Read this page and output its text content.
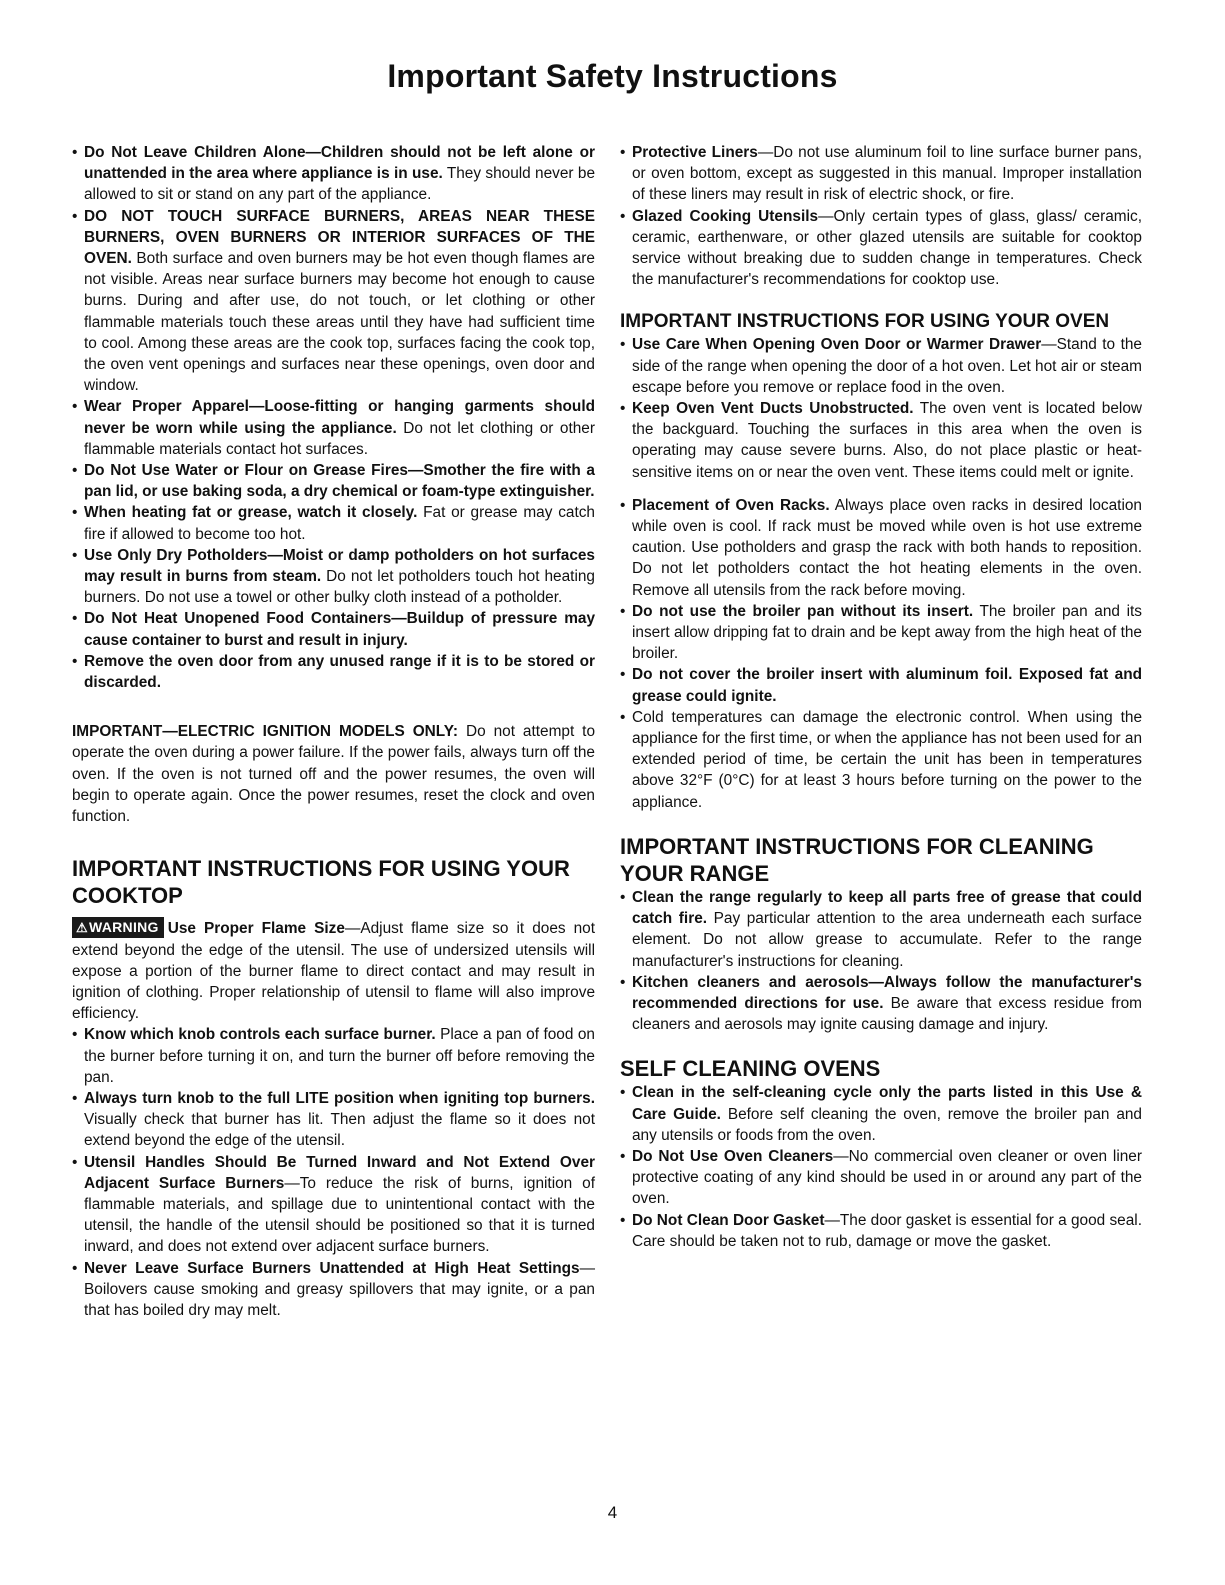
Important Safety Instructions
• Do Not Leave Children Alone—Children should not be left alone or unattended in the area where appliance is in use. They should never be allowed to sit or stand on any part of the appliance.
• DO NOT TOUCH SURFACE BURNERS, AREAS NEAR THESE BURNERS, OVEN BURNERS OR INTERIOR SURFACES OF THE OVEN. Both surface and oven burners may be hot even though flames are not visible. Areas near surface burners may become hot enough to cause burns. During and after use, do not touch, or let clothing or other flammable materials touch these areas until they have had sufficient time to cool. Among these areas are the cook top, surfaces facing the cook top, the oven vent openings and surfaces near these openings, oven door and window.
• Wear Proper Apparel—Loose-fitting or hanging garments should never be worn while using the appliance. Do not let clothing or other flammable materials contact hot surfaces.
• Do Not Use Water or Flour on Grease Fires—Smother the fire with a pan lid, or use baking soda, a dry chemical or foam-type extinguisher.
• When heating fat or grease, watch it closely. Fat or grease may catch fire if allowed to become too hot.
• Use Only Dry Potholders—Moist or damp potholders on hot surfaces may result in burns from steam. Do not let potholders touch hot heating burners. Do not use a towel or other bulky cloth instead of a potholder.
• Do Not Heat Unopened Food Containers—Buildup of pressure may cause container to burst and result in injury.
• Remove the oven door from any unused range if it is to be stored or discarded.

IMPORTANT—ELECTRIC IGNITION MODELS ONLY: Do not attempt to operate the oven during a power failure. If the power fails, always turn off the oven. If the oven is not turned off and the power resumes, the oven will begin to operate again. Once the power resumes, reset the clock and oven function.

IMPORTANT INSTRUCTIONS FOR USING YOUR COOKTOP

⚠WARNING Use Proper Flame Size—Adjust flame size so it does not extend beyond the edge of the utensil. The use of undersized utensils will expose a portion of the burner flame to direct contact and may result in ignition of clothing. Proper relationship of utensil to flame will also improve efficiency.

• Know which knob controls each surface burner. Place a pan of food on the burner before turning it on, and turn the burner off before removing the pan.
• Always turn knob to the full LITE position when igniting top burners. Visually check that burner has lit. Then adjust the flame so it does not extend beyond the edge of the utensil.
• Utensil Handles Should Be Turned Inward and Not Extend Over Adjacent Surface Burners—To reduce the risk of burns, ignition of flammable materials, and spillage due to unintentional contact with the utensil, the handle of the utensil should be positioned so that it is turned inward, and does not extend over adjacent surface burners.
• Never Leave Surface Burners Unattended at High Heat Settings—Boilovers cause smoking and greasy spillovers that may ignite, or a pan that has boiled dry may melt.
• Protective Liners—Do not use aluminum foil to line surface burner pans, or oven bottom, except as suggested in this manual. Improper installation of these liners may result in risk of electric shock, or fire.
• Glazed Cooking Utensils—Only certain types of glass, glass/ ceramic, ceramic, earthenware, or other glazed utensils are suitable for cooktop service without breaking due to sudden change in temperatures. Check the manufacturer's recommendations for cooktop use.
IMPORTANT INSTRUCTIONS FOR USING YOUR OVEN
• Use Care When Opening Oven Door or Warmer Drawer—Stand to the side of the range when opening the door of a hot oven. Let hot air or steam escape before you remove or replace food in the oven.
• Keep Oven Vent Ducts Unobstructed. The oven vent is located below the backguard. Touching the surfaces in this area when the oven is operating may cause severe burns. Also, do not place plastic or heat-sensitive items on or near the oven vent. These items could melt or ignite.
• Placement of Oven Racks. Always place oven racks in desired location while oven is cool. If rack must be moved while oven is hot use extreme caution. Use potholders and grasp the rack with both hands to reposition. Do not let potholders contact the hot heating elements in the oven. Remove all utensils from the rack before moving.
• Do not use the broiler pan without its insert. The broiler pan and its insert allow dripping fat to drain and be kept away from the high heat of the broiler.
• Do not cover the broiler insert with aluminum foil. Exposed fat and grease could ignite.
• Cold temperatures can damage the electronic control. When using the appliance for the first time, or when the appliance has not been used for an extended period of time, be certain the unit has been in temperatures above 32°F (0°C) for at least 3 hours before turning on the power to the appliance.
IMPORTANT INSTRUCTIONS FOR CLEANING YOUR RANGE
• Clean the range regularly to keep all parts free of grease that could catch fire. Pay particular attention to the area underneath each surface element. Do not allow grease to accumulate. Refer to the range manufacturer's instructions for cleaning.
• Kitchen cleaners and aerosols—Always follow the manufacturer's recommended directions for use. Be aware that excess residue from cleaners and aerosols may ignite causing damage and injury.
SELF CLEANING OVENS
• Clean in the self-cleaning cycle only the parts listed in this Use & Care Guide. Before self cleaning the oven, remove the broiler pan and any utensils or foods from the oven.
• Do Not Use Oven Cleaners—No commercial oven cleaner or oven liner protective coating of any kind should be used in or around any part of the oven.
• Do Not Clean Door Gasket—The door gasket is essential for a good seal. Care should be taken not to rub, damage or move the gasket.
4
